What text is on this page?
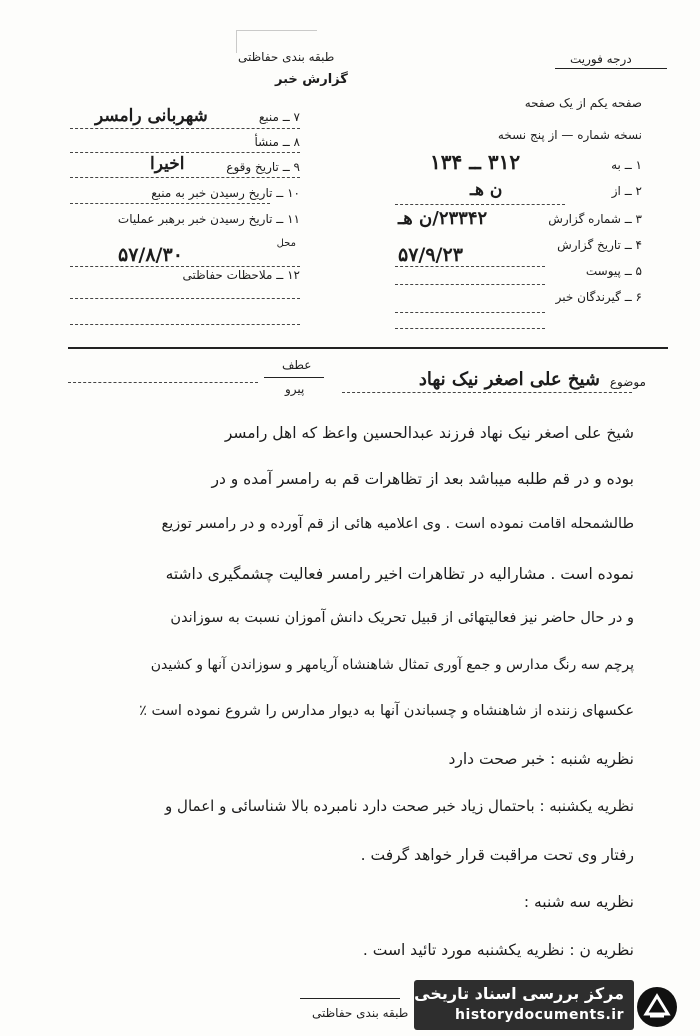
طبقه بندی حفاظتی
گزارش خبر
درجه فوریت
صفحه یکم از یک صفحه
نسخه شماره — از پنج نسخه
۷ ــ منبع
شهربانی رامسر
۸ ــ منشأ
۹ ــ تاریخ وقوع
اخیرا
۱۰ ــ تاریخ رسیدن خبر به منبع
۱۱ ــ تاریخ رسیدن خبر برهبر عملیات
محل
۵۷/۸/۳۰
۱۲ ــ ملاحظات حفاظتی
۱ ــ به
۳۱۲ ــ ۱۳۴
۲ ــ از
ن هـ
۳ ــ شماره گزارش
۲۳۳۴۲/ن هـ
۴ ــ تاریخ گزارش
۵۷/۹/۲۳
۵ ــ پیوست
۶ ــ گیرندگان خبر
موضوع
شیخ علی اصغر نیک نهاد
عطف
پیرو
شیخ علی اصغر نیک نهاد فرزند عبدالحسین واعظ که اهل رامسر
بوده و در قم طلبه میباشد بعد از تظاهرات قم به رامسر آمده و در
طالشمحله اقامت نموده است . وی اعلامیه هائی از قم آورده و در رامسر توزیع
نموده است . مشارالیه در تظاهرات اخیر رامسر فعالیت چشمگیری داشته
و در حال حاضر نیز فعالیتهائی از قبیل تحریک دانش آموزان نسبت به سوزاندن
پرچم سه رنگ مدارس و جمع آوری تمثال شاهنشاه آریامهر و سوزاندن آنها و کشیدن
عکسهای زننده از شاهنشاه و چسباندن آنها به دیوار مدارس را شروع نموده است ٪
نظریه شنبه : خبر صحت دارد
نظریه یکشنبه : باحتمال زیاد خبر صحت دارد نامبرده بالا شناسائی و اعمال و
رفتار وی تحت مراقبت قرار خواهد گرفت .
نظریه سه شنبه :
نظریه ن : نظریه یکشنبه مورد تائید است .
طبقه بندی حفاظتی
مرکز بررسی اسناد تاریخی
historydocuments.ir
